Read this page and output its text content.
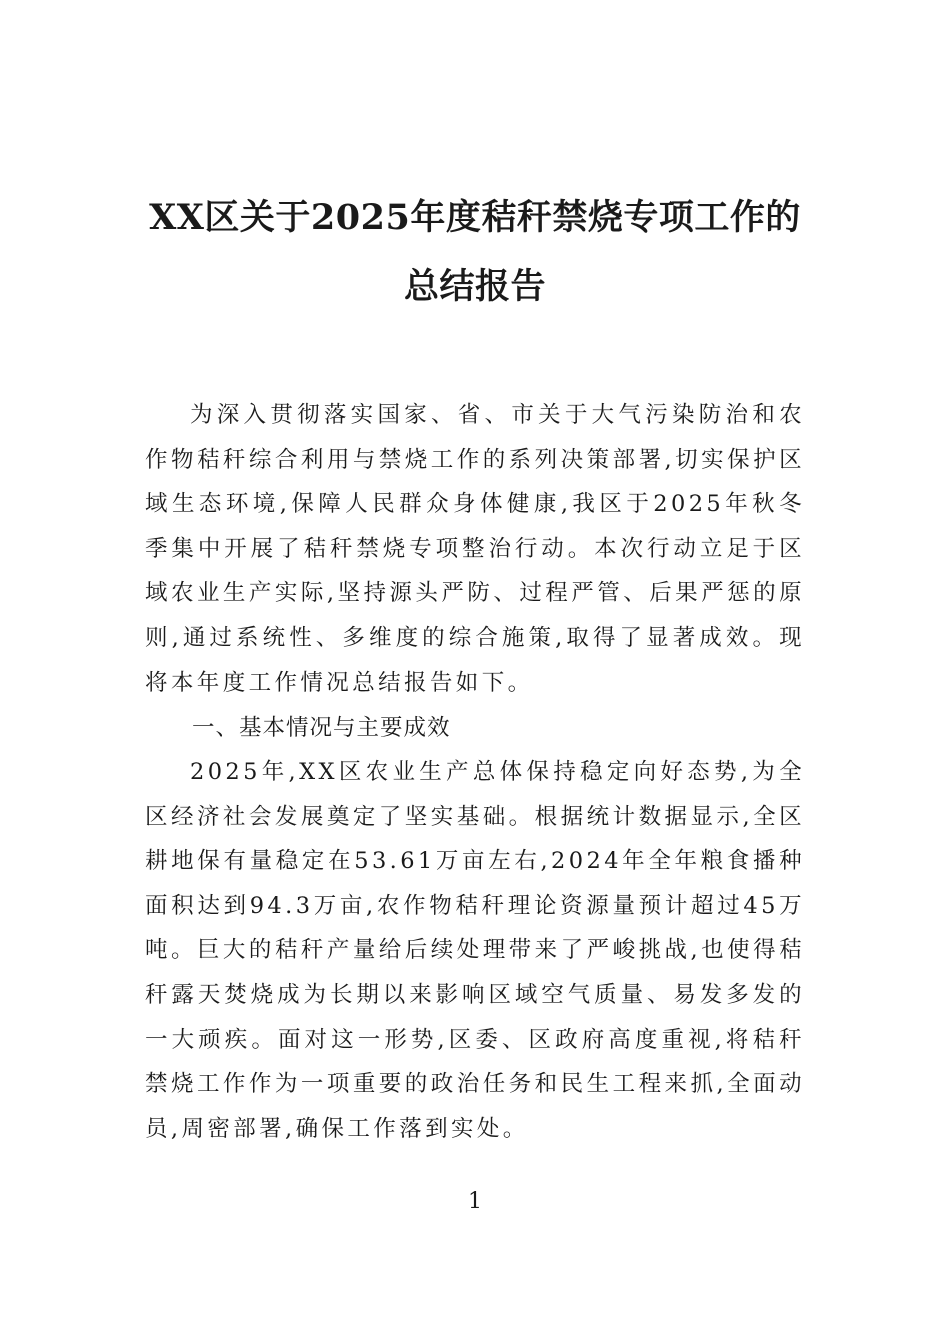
XX区关于2025年度秸秆禁烧专项工作的
总结报告

为深入贯彻落实国家、省、市关于大气污染防治和农作物秸秆综合利用与禁烧工作的系列决策部署,切实保护区域生态环境,保障人民群众身体健康,我区于2025年秋冬季集中开展了秸秆禁烧专项整治行动。本次行动立足于区域农业生产实际,坚持源头严防、过程严管、后果严惩的原则,通过系统性、多维度的综合施策,取得了显著成效。现将本年度工作情况总结报告如下。

一、基本情况与主要成效

2025年,XX区农业生产总体保持稳定向好态势,为全区经济社会发展奠定了坚实基础。根据统计数据显示,全区耕地保有量稳定在53.61万亩左右,2024年全年粮食播种面积达到94.3万亩,农作物秸秆理论资源量预计超过45万吨。巨大的秸秆产量给后续处理带来了严峻挑战,也使得秸秆露天焚烧成为长期以来影响区域空气质量、易发多发的一大顽疾。面对这一形势,区委、区政府高度重视,将秸秆禁烧工作作为一项重要的政治任务和民生工程来抓,全面动员,周密部署,确保工作落到实处。

1
